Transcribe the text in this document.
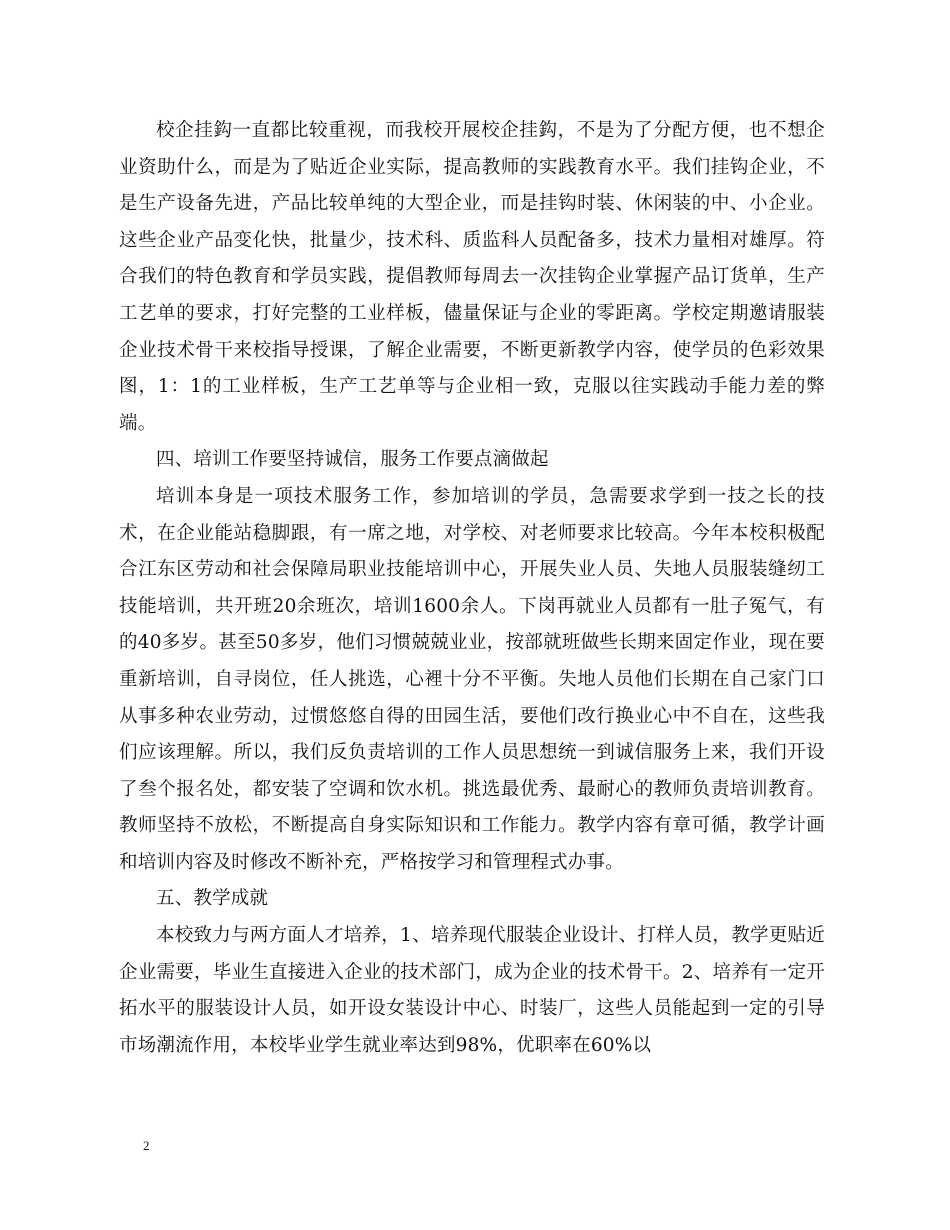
校企挂鈎一直都比较重视，而我校开展校企挂鈎，不是为了分配方便，也不想企业资助什么，而是为了贴近企业实际，提高教师的实践教育水平。我们挂钩企业，不是生产设备先进，产品比较单纯的大型企业，而是挂钩时装、休闲装的中、小企业。这些企业产品变化快，批量少，技术科、质监科人员配备多，技术力量相对雄厚。符合我们的特色教育和学员实践，提倡教师每周去一次挂钩企业掌握产品订货单，生产工艺单的要求，打好完整的工业样板，儘量保证与企业的零距离。学校定期邀请服装企业技术骨干来校指导授课，了解企业需要，不断更新教学内容，使学员的色彩效果图，1：1的工业样板，生产工艺单等与企业相一致，克服以往实践动手能力差的弊端。

四、培训工作要坚持诚信，服务工作要点滴做起

培训本身是一项技术服务工作，参加培训的学员，急需要求学到一技之长的技术，在企业能站稳脚跟，有一席之地，对学校、对老师要求比较高。今年本校积极配合江东区劳动和社会保障局职业技能培训中心，开展失业人员、失地人员服装缝纫工技能培训，共开班20余班次，培训1600余人。下岗再就业人员都有一肚子冤气，有的40多岁。甚至50多岁，他们习惯兢兢业业，按部就班做些长期来固定作业，现在要重新培训，自寻岗位，任人挑选，心裡十分不平衡。失地人员他们长期在自己家门口从事多种农业劳动，过惯悠悠自得的田园生活，要他们改行换业心中不自在，这些我们应该理解。所以，我们反负责培训的工作人员思想统一到诚信服务上来，我们开设了叁个报名处，都安装了空调和饮水机。挑选最优秀、最耐心的教师负责培训教育。教师坚持不放松，不断提高自身实际知识和工作能力。教学内容有章可循，教学计画和培训内容及时修改不断补充，严格按学习和管理程式办事。

五、教学成就

本校致力与两方面人才培养，1、培养现代服装企业设计、打样人员，教学更贴近企业需要，毕业生直接进入企业的技术部门，成为企业的技术骨干。2、培养有一定开拓水平的服装设计人员，如开设女装设计中心、时装厂，这些人员能起到一定的引导市场潮流作用，本校毕业学生就业率达到98%，优职率在60%以

2
